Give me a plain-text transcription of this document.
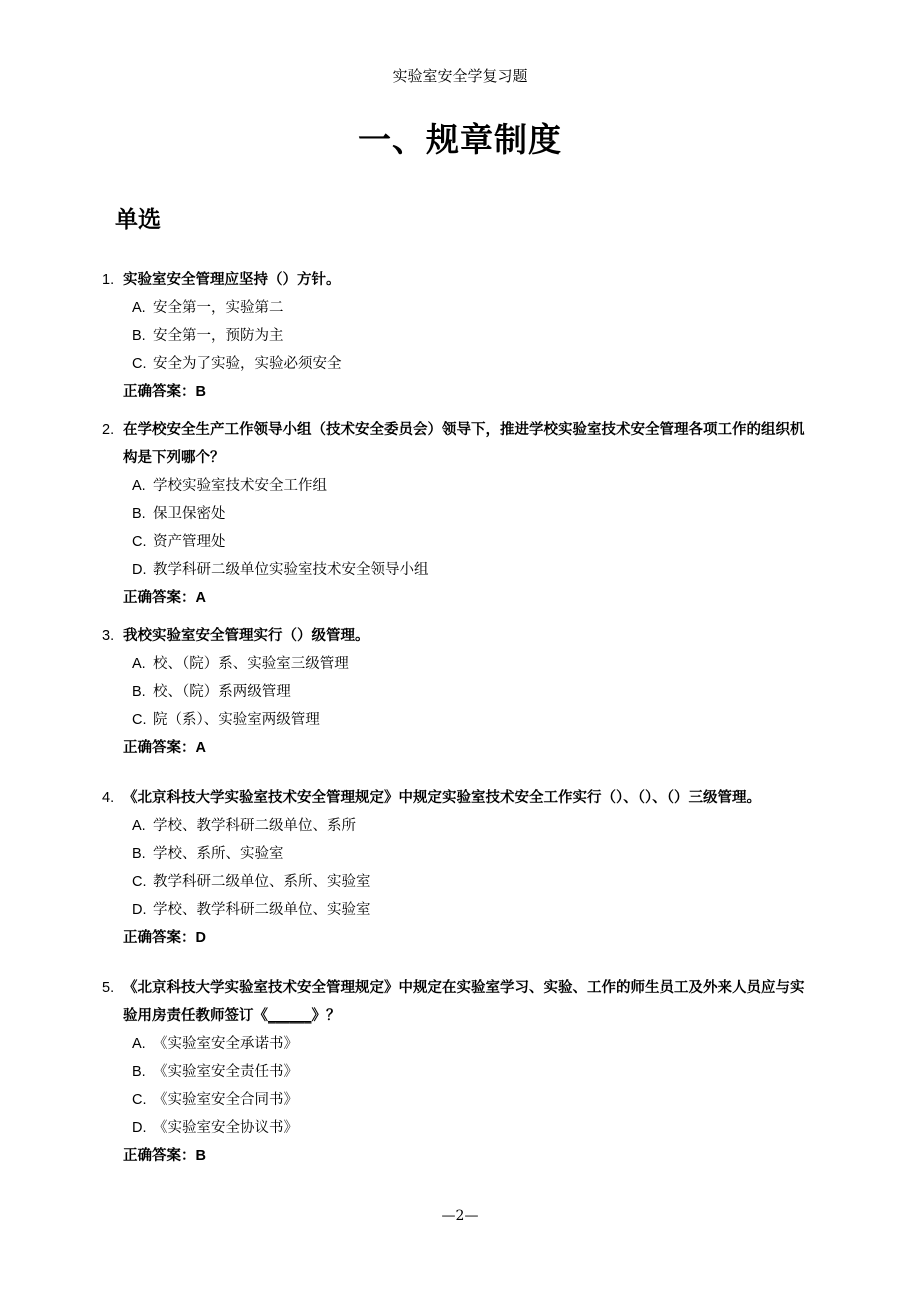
实验室安全学复习题
一、规章制度
单选
1. 实验室安全管理应坚持（）方针。
A. 安全第一，实验第二
B. 安全第一，预防为主
C. 安全为了实验，实验必须安全
正确答案：B
2. 在学校安全生产工作领导小组（技术安全委员会）领导下，推进学校实验室技术安全管理各项工作的组织机构是下列哪个？
A. 学校实验室技术安全工作组
B. 保卫保密处
C. 资产管理处
D. 教学科研二级单位实验室技术安全领导小组
正确答案：A
3. 我校实验室安全管理实行（）级管理。
A. 校、（院）系、实验室三级管理
B. 校、（院）系两级管理
C. 院（系）、实验室两级管理
正确答案：A
4. 《北京科技大学实验室技术安全管理规定》中规定实验室技术安全工作实行（）、（）、（）三级管理。
A. 学校、教学科研二级单位、系所
B. 学校、系所、实验室
C. 教学科研二级单位、系所、实验室
D. 学校、教学科研二级单位、实验室
正确答案：D
5. 《北京科技大学实验室技术安全管理规定》中规定在实验室学习、实验、工作的师生员工及外来人员应与实验用房责任教师签订《______》？
A. 《实验室安全承诺书》
B. 《实验室安全责任书》
C. 《实验室安全合同书》
D. 《实验室安全协议书》
正确答案：B
—2—
